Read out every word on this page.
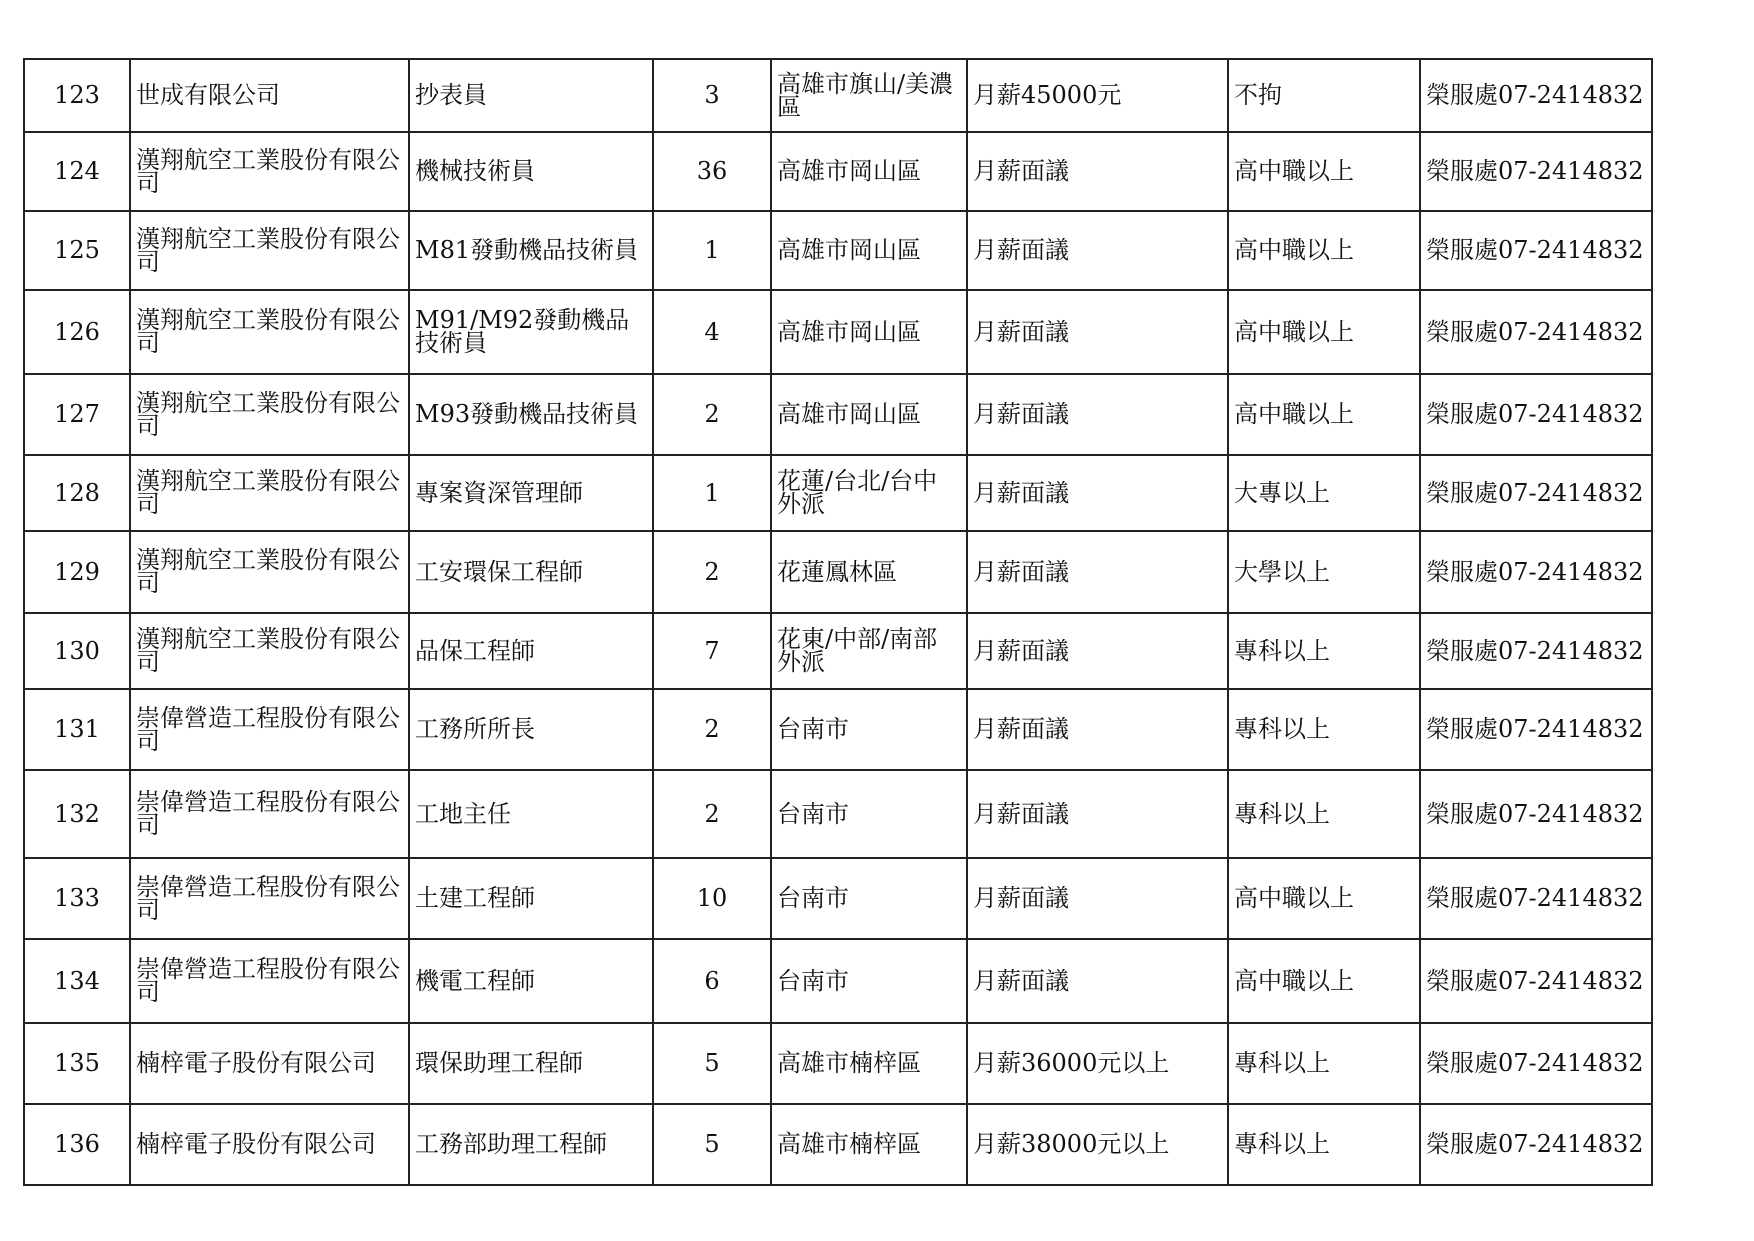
123	世成有限公司	抄表員	3	高雄市旗山/美濃區	月薪45000元	不拘	榮服處07-2414832
124	漢翔航空工業股份有限公司	機械技術員	36	高雄市岡山區	月薪面議	高中職以上	榮服處07-2414832
125	漢翔航空工業股份有限公司	M81發動機品技術員	1	高雄市岡山區	月薪面議	高中職以上	榮服處07-2414832
126	漢翔航空工業股份有限公司	M91/M92發動機品技術員	4	高雄市岡山區	月薪面議	高中職以上	榮服處07-2414832
127	漢翔航空工業股份有限公司	M93發動機品技術員	2	高雄市岡山區	月薪面議	高中職以上	榮服處07-2414832
128	漢翔航空工業股份有限公司	專案資深管理師	1	花蓮/台北/台中外派	月薪面議	大專以上	榮服處07-2414832
129	漢翔航空工業股份有限公司	工安環保工程師	2	花蓮鳳林區	月薪面議	大學以上	榮服處07-2414832
130	漢翔航空工業股份有限公司	品保工程師	7	花東/中部/南部外派	月薪面議	專科以上	榮服處07-2414832
131	崇偉營造工程股份有限公司	工務所所長	2	台南市	月薪面議	專科以上	榮服處07-2414832
132	崇偉營造工程股份有限公司	工地主任	2	台南市	月薪面議	專科以上	榮服處07-2414832
133	崇偉營造工程股份有限公司	土建工程師	10	台南市	月薪面議	高中職以上	榮服處07-2414832
134	崇偉營造工程股份有限公司	機電工程師	6	台南市	月薪面議	高中職以上	榮服處07-2414832
135	楠梓電子股份有限公司	環保助理工程師	5	高雄市楠梓區	月薪36000元以上	專科以上	榮服處07-2414832
136	楠梓電子股份有限公司	工務部助理工程師	5	高雄市楠梓區	月薪38000元以上	專科以上	榮服處07-2414832
